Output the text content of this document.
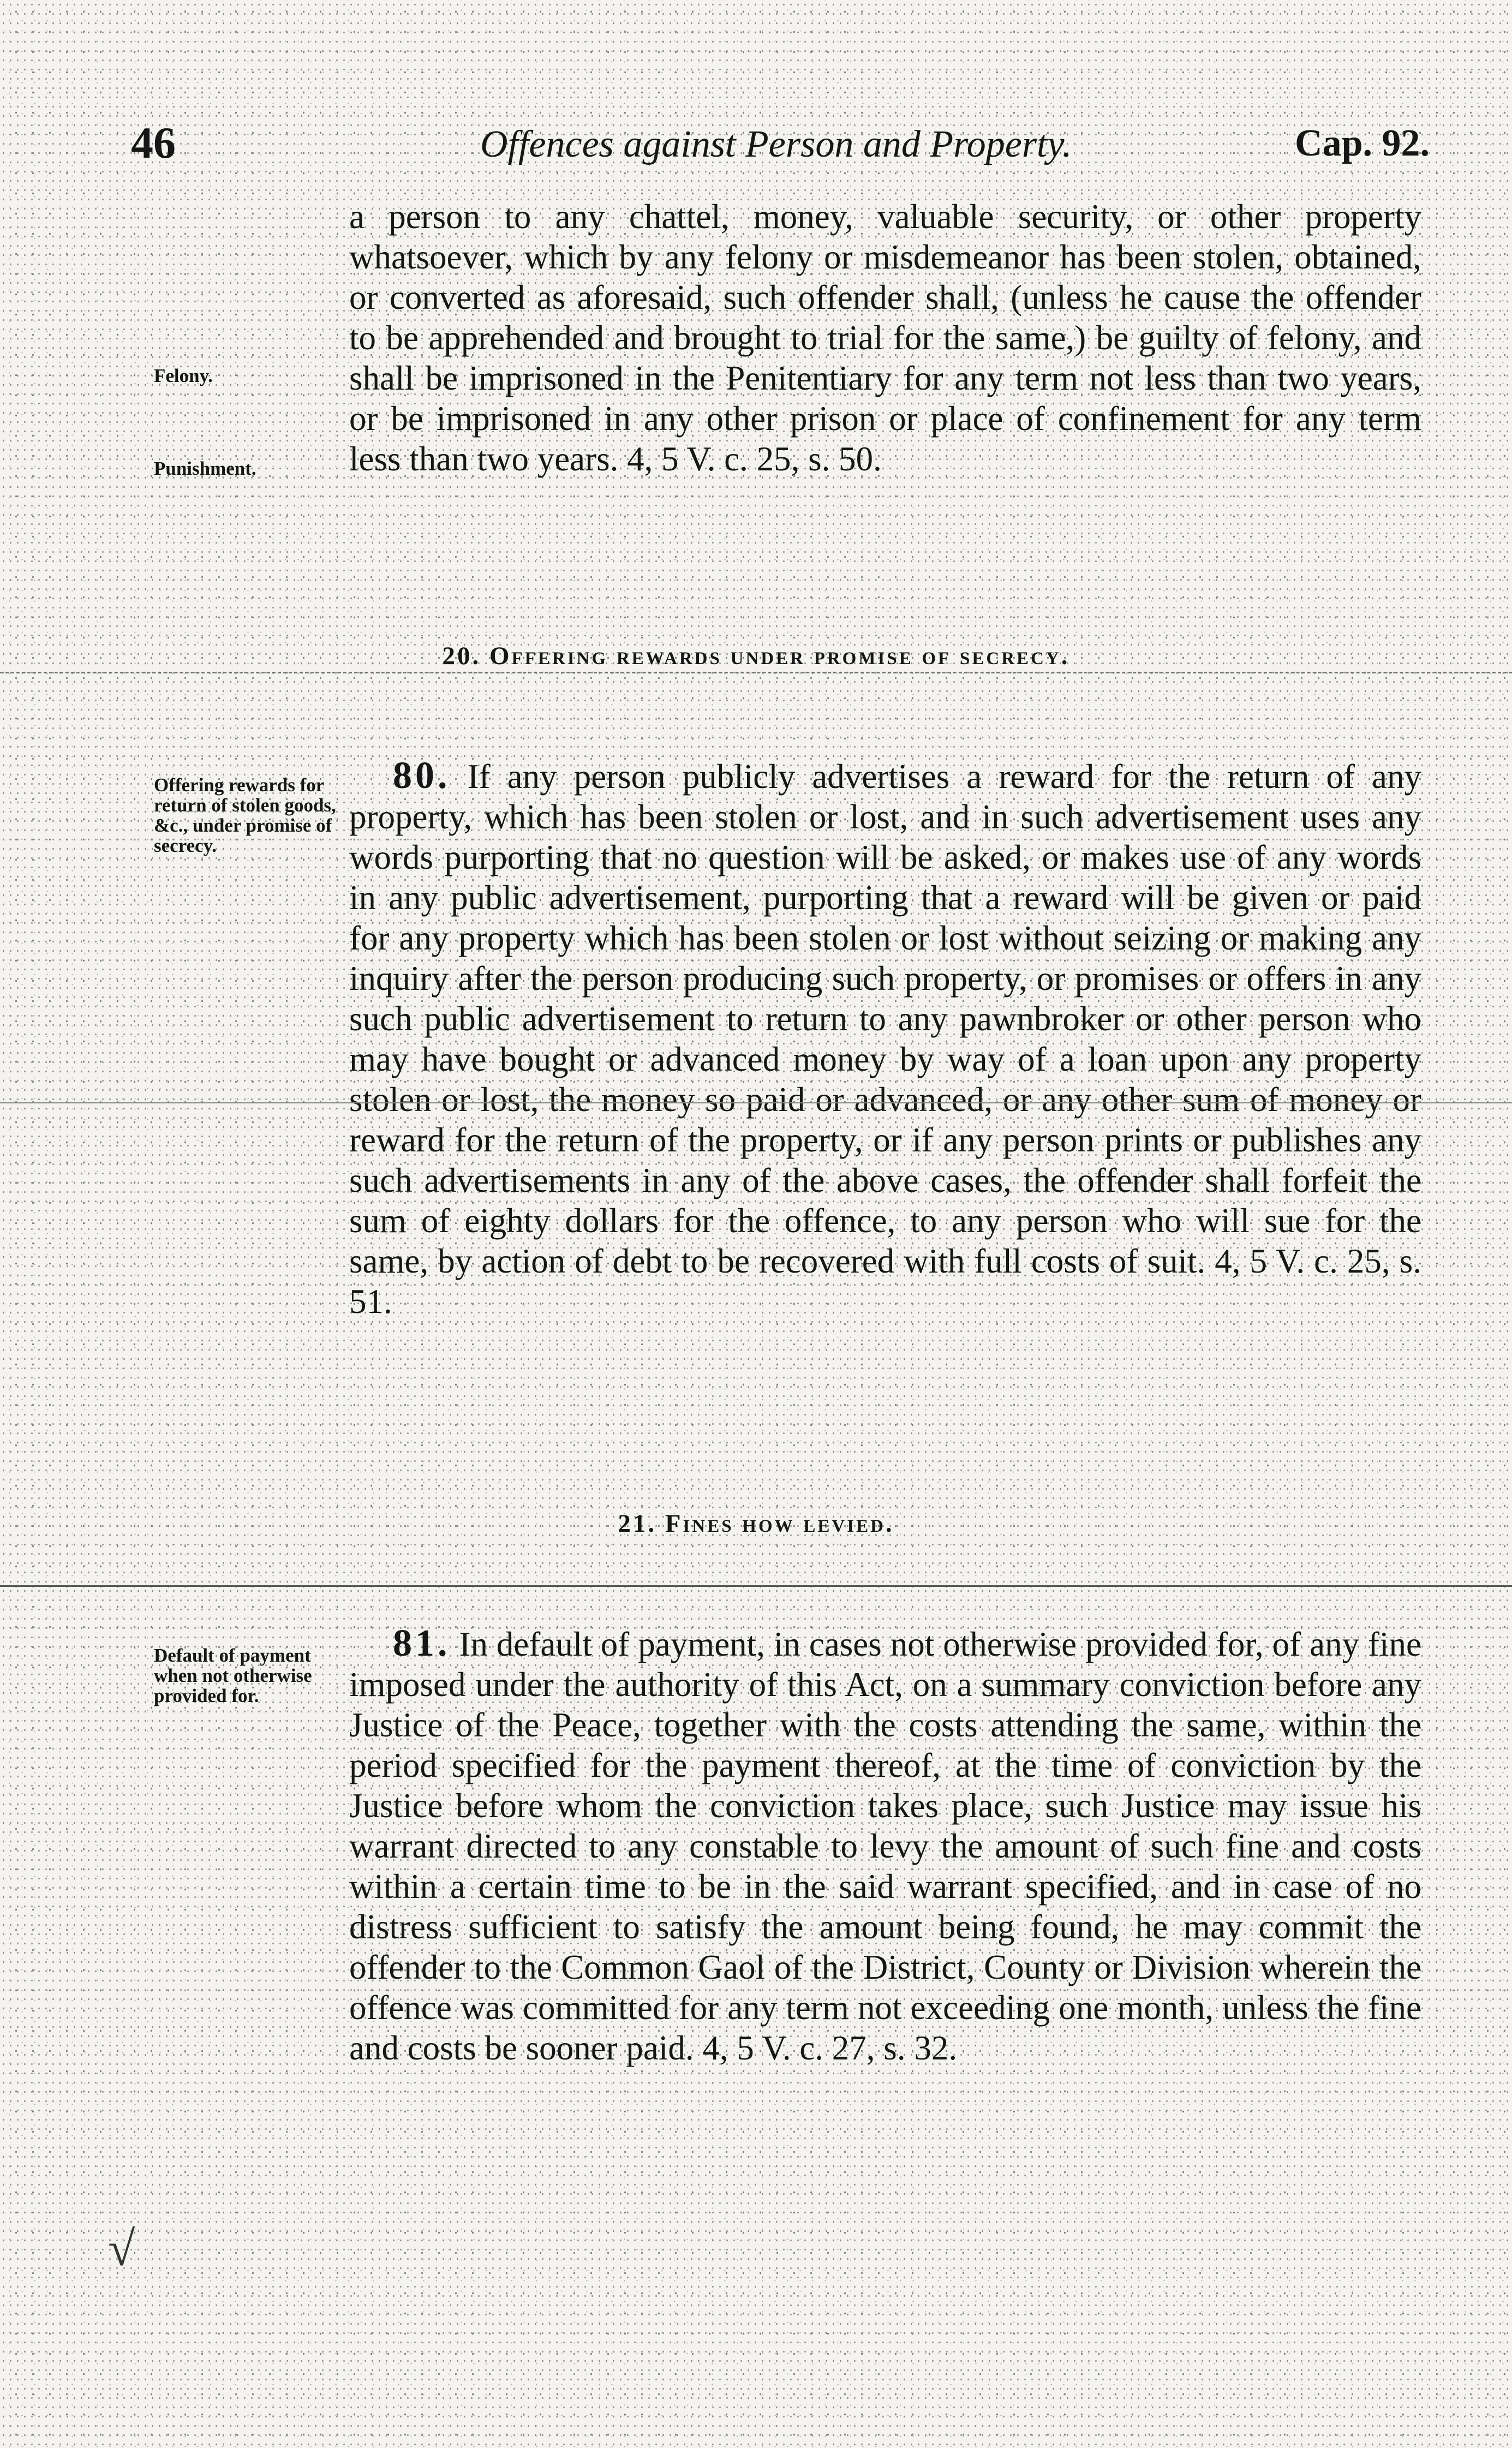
46	Offences against Person and Property.	Cap. 92.
Felony.
Punishment.
a person to any chattel, money, valuable security, or other property whatsoever, which by any felony or misdemeanor has been stolen, obtained, or converted as aforesaid, such offender shall, (unless he cause the offender to be apprehended and brought to trial for the same,) be guilty of felony, and shall be imprisoned in the Penitentiary for any term not less than two years, or be imprisoned in any other prison or place of confinement for any term less than two years. 4, 5 V. c. 25, s. 50.
20. Offering rewards under promise of secrecy.
Offering rewards for return of stolen goods, &c., under promise of secrecy.
80. If any person publicly advertises a reward for the return of any property, which has been stolen or lost, and in such advertisement uses any words purporting that no question will be asked, or makes use of any words in any public advertisement, purporting that a reward will be given or paid for any property which has been stolen or lost without seizing or making any inquiry after the person producing such property, or promises or offers in any such public advertisement to return to any pawnbroker or other person who may have bought or advanced money by way of a loan upon any property stolen or lost, the money so paid or advanced, or any other sum of money or reward for the return of the property, or if any person prints or publishes any such advertisements in any of the above cases, the offender shall forfeit the sum of eighty dollars for the offence, to any person who will sue for the same, by action of debt to be recovered with full costs of suit. 4, 5 V. c. 25, s. 51.
21. Fines how levied.
Default of payment when not otherwise provided for.
81. In default of payment, in cases not otherwise provided for, of any fine imposed under the authority of this Act, on a summary conviction before any Justice of the Peace, together with the costs attending the same, within the period specified for the payment thereof, at the time of conviction by the Justice before whom the conviction takes place, such Justice may issue his warrant directed to any constable to levy the amount of such fine and costs within a certain time to be in the said warrant specified, and in case of no distress sufficient to satisfy the amount being found, he may commit the offender to the Common Gaol of the District, County or Division wherein the offence was committed for any term not exceeding one month, unless the fine and costs be sooner paid. 4, 5 V. c. 27, s. 32.
√
